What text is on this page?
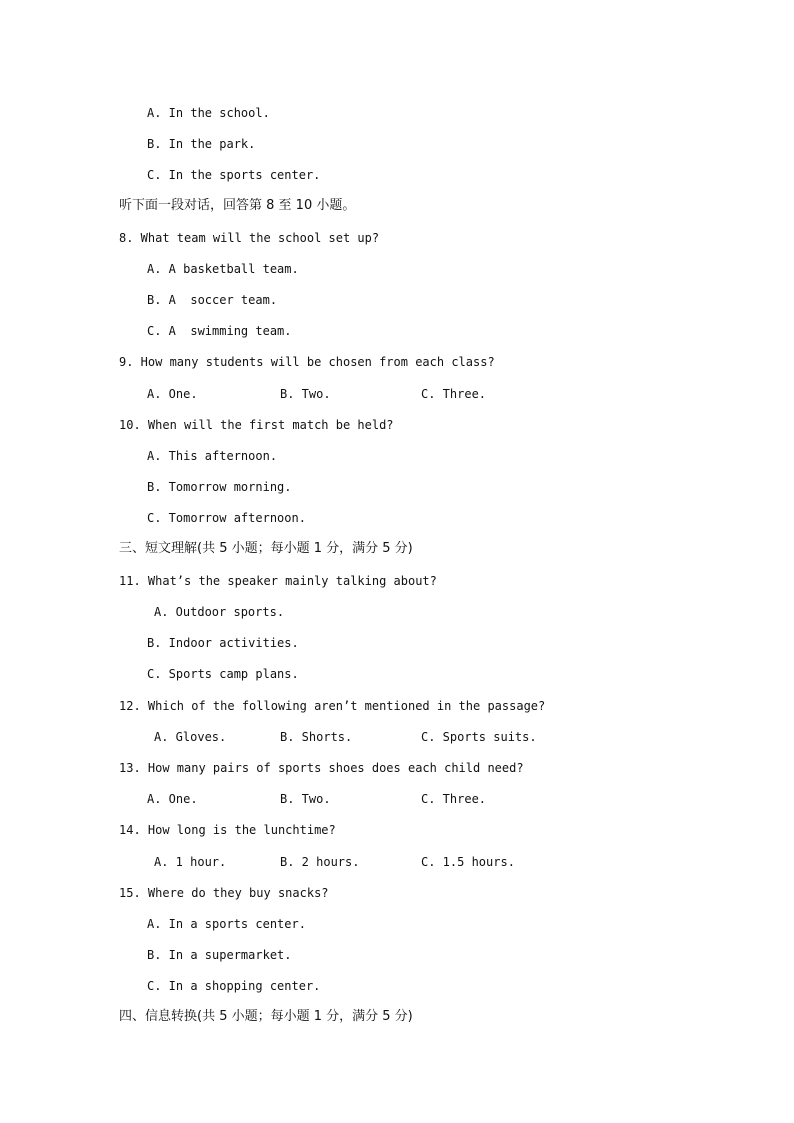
A. In the school.
B. In the park.
C. In the sports center.
听下面一段对话，回答第 8 至 10 小题。
8. What team will the school set up?
A. A basketball team.
B. A  soccer team.
C. A  swimming team.
9. How many students will be chosen from each class?
A. One.	B. Two.	C. Three.
10. When will the first match be held?
A. This afternoon.
B. Tomorrow morning.
C. Tomorrow afternoon.
三、短文理解(共 5 小题；每小题 1 分，满分 5 分)
11. What’s the speaker mainly talking about?
A. Outdoor sports.
B. Indoor activities.
C. Sports camp plans.
12. Which of the following aren’t mentioned in the passage?
A. Gloves.	B. Shorts.	C. Sports suits.
13. How many pairs of sports shoes does each child need?
A. One.	B. Two.	C. Three.
14. How long is the lunchtime?
A. 1 hour.	B. 2 hours.	C. 1.5 hours.
15. Where do they buy snacks?
A. In a sports center.
B. In a supermarket.
C. In a shopping center.
四、信息转换(共 5 小题；每小题 1 分，满分 5 分)
